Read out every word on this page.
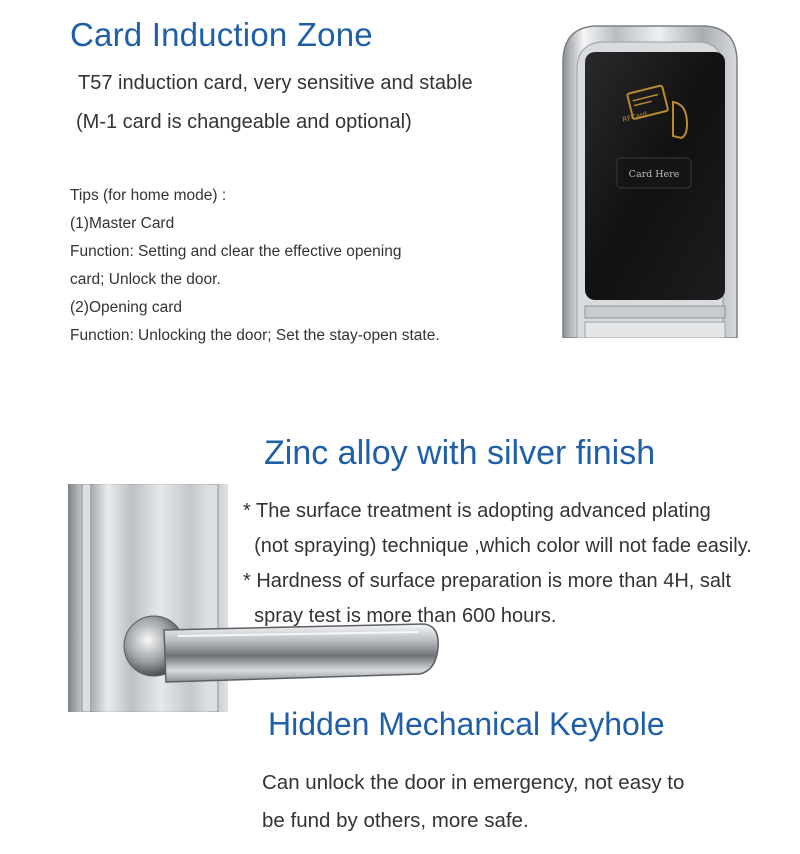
Card Induction Zone
T57 induction card, very sensitive and stable
(M-1 card is changeable and optional)
Tips (for home mode) :
(1)Master Card
Function: Setting and clear the effective opening
card; Unlock the door.
(2)Opening card
Function: Unlocking the door; Set the stay-open state.
RFCard
Card Here
Zinc alloy with silver finish
* The surface treatment is adopting advanced plating
(not spraying) technique ,which color will not fade easily.
* Hardness of surface preparation is more than 4H, salt
spray test is more than 600 hours.
Hidden Mechanical Keyhole
Can unlock the door in emergency, not easy to
be fund by others, more safe.
